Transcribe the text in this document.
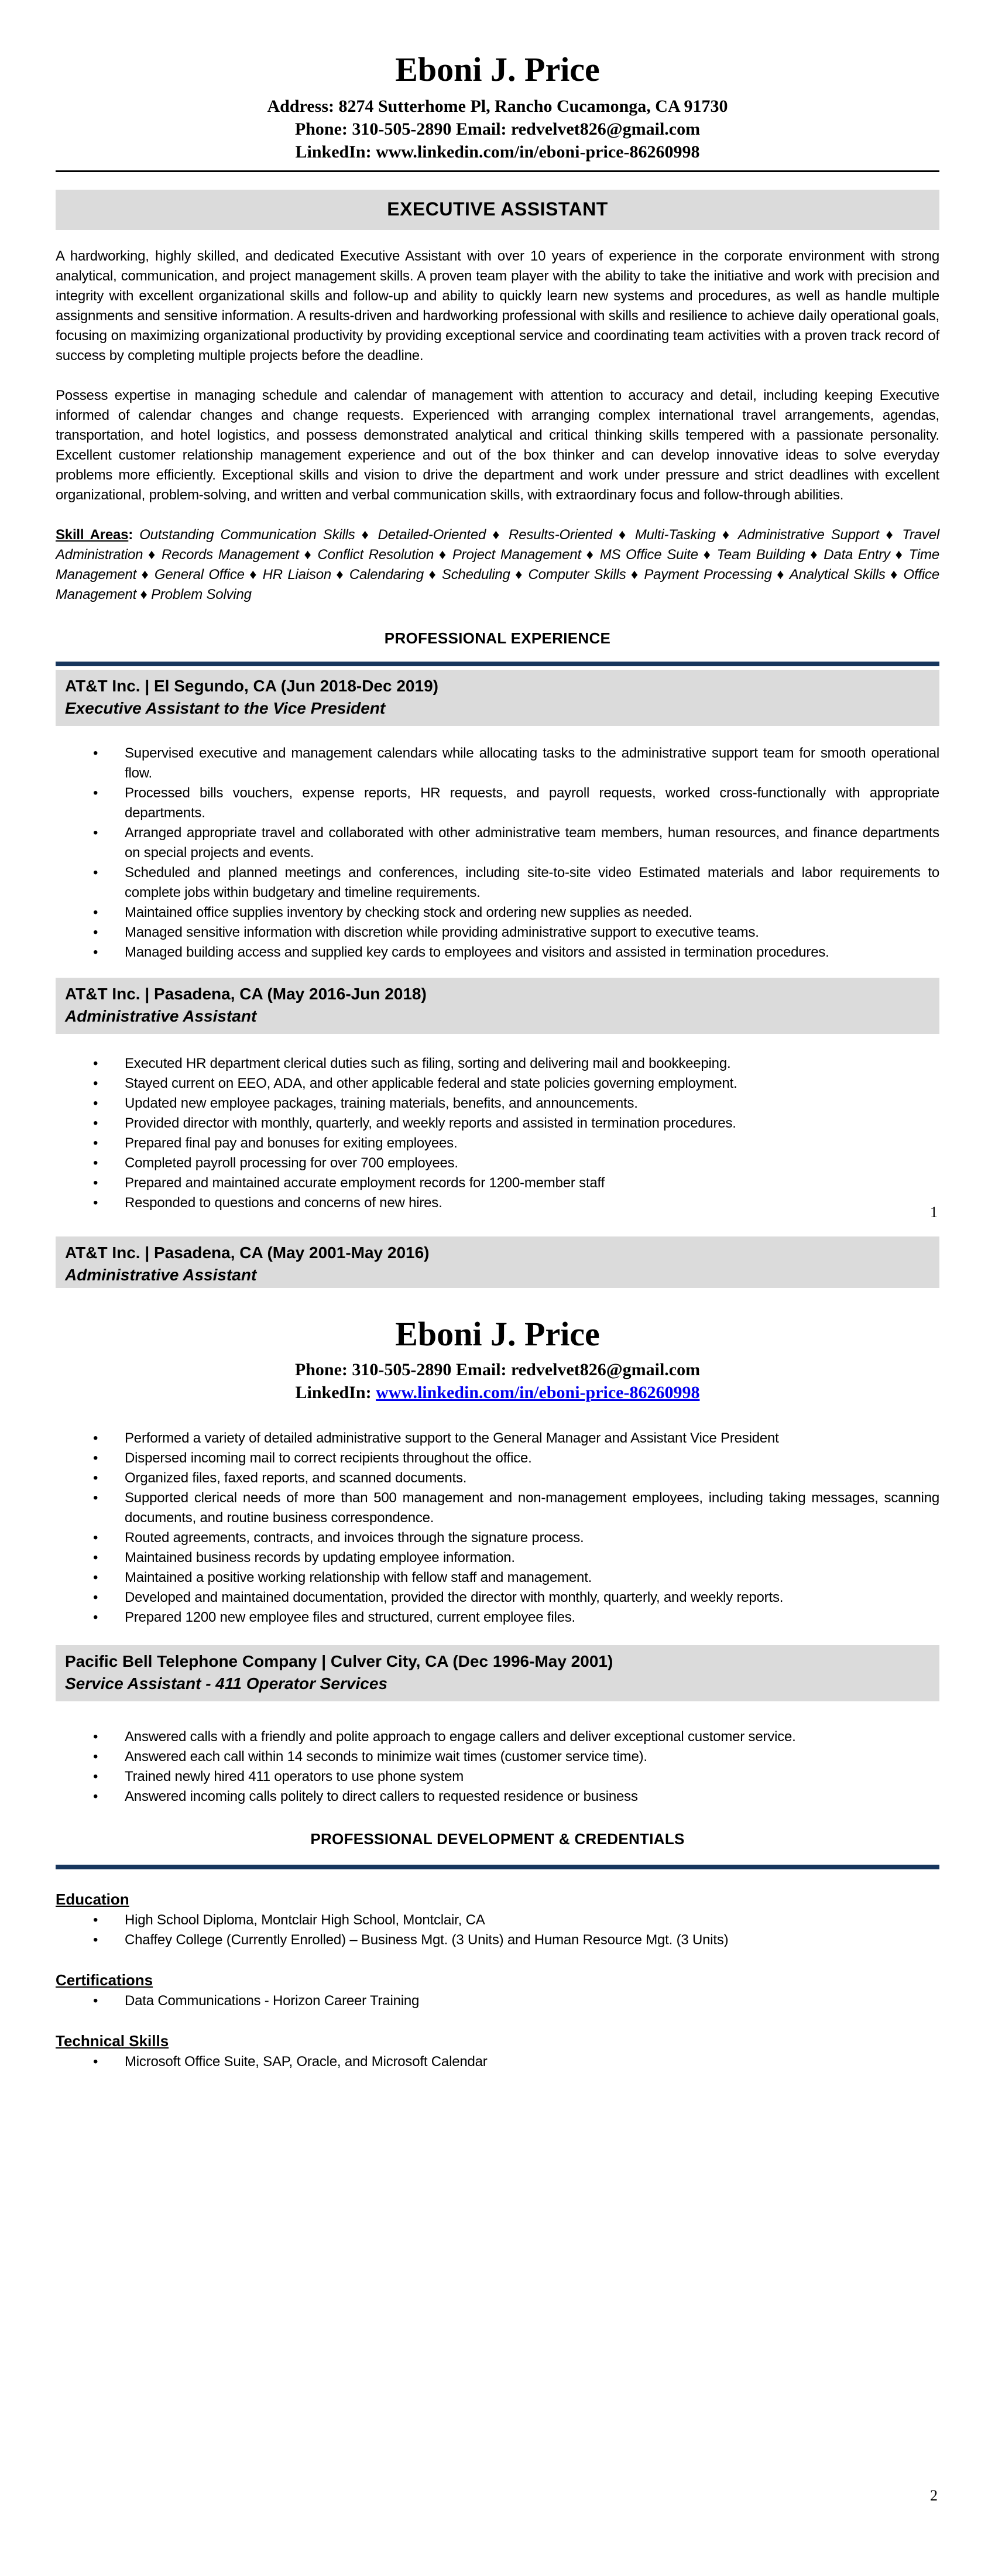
Eboni J. Price
Address: 8274 Sutterhome Pl, Rancho Cucamonga, CA 91730
Phone: 310-505-2890 Email: redvelvet826@gmail.com
LinkedIn: www.linkedin.com/in/eboni-price-86260998
EXECUTIVE ASSISTANT

A hardworking, highly skilled, and dedicated Executive Assistant with over 10 years of experience in the corporate environment with strong analytical, communication, and project management skills. A proven team player with the ability to take the initiative and work with precision and integrity with excellent organizational skills and follow-up and ability to quickly learn new systems and procedures, as well as handle multiple assignments and sensitive information. A results-driven and hardworking professional with skills and resilience to achieve daily operational goals, focusing on maximizing organizational productivity by providing exceptional service and coordinating team activities with a proven track record of success by completing multiple projects before the deadline.

Possess expertise in managing schedule and calendar of management with attention to accuracy and detail, including keeping Executive informed of calendar changes and change requests. Experienced with arranging complex international travel arrangements, agendas, transportation, and hotel logistics, and possess demonstrated analytical and critical thinking skills tempered with a passionate personality. Excellent customer relationship management experience and out of the box thinker and can develop innovative ideas to solve everyday problems more efficiently. Exceptional skills and vision to drive the department and work under pressure and strict deadlines with excellent organizational, problem-solving, and written and verbal communication skills, with extraordinary focus and follow-through abilities.

Skill Areas: Outstanding Communication Skills ♦ Detailed-Oriented ♦ Results-Oriented ♦ Multi-Tasking ♦ Administrative Support ♦ Travel Administration ♦ Records Management ♦ Conflict Resolution ♦ Project Management ♦ MS Office Suite ♦ Team Building ♦ Data Entry ♦ Time Management ♦ General Office ♦ HR Liaison ♦ Calendaring ♦ Scheduling ♦ Computer Skills ♦ Payment Processing ♦ Analytical Skills ♦ Office Management ♦ Problem Solving

PROFESSIONAL EXPERIENCE
AT&T Inc. | El Segundo, CA (Jun 2018-Dec 2019)
Executive Assistant to the Vice President
• Supervised executive and management calendars while allocating tasks to the administrative support team for smooth operational flow.
• Processed bills vouchers, expense reports, HR requests, and payroll requests, worked cross-functionally with appropriate departments.
• Arranged appropriate travel and collaborated with other administrative team members, human resources, and finance departments on special projects and events.
• Scheduled and planned meetings and conferences, including site-to-site video Estimated materials and labor requirements to complete jobs within budgetary and timeline requirements.
• Maintained office supplies inventory by checking stock and ordering new supplies as needed.
• Managed sensitive information with discretion while providing administrative support to executive teams.
• Managed building access and supplied key cards to employees and visitors and assisted in termination procedures.
AT&T Inc. | Pasadena, CA (May 2016-Jun 2018)
Administrative Assistant
• Executed HR department clerical duties such as filing, sorting and delivering mail and bookkeeping.
• Stayed current on EEO, ADA, and other applicable federal and state policies governing employment.
• Updated new employee packages, training materials, benefits, and announcements.
• Provided director with monthly, quarterly, and weekly reports and assisted in termination procedures.
• Prepared final pay and bonuses for exiting employees.
• Completed payroll processing for over 700 employees.
• Prepared and maintained accurate employment records for 1200-member staff
• Responded to questions and concerns of new hires.
AT&T Inc. | Pasadena, CA (May 2001-May 2016)
Administrative Assistant
1
Eboni J. Price
Phone: 310-505-2890 Email: redvelvet826@gmail.com
LinkedIn: www.linkedin.com/in/eboni-price-86260998
• Performed a variety of detailed administrative support to the General Manager and Assistant Vice President
• Dispersed incoming mail to correct recipients throughout the office.
• Organized files, faxed reports, and scanned documents.
• Supported clerical needs of more than 500 management and non-management employees, including taking messages, scanning documents, and routine business correspondence.
• Routed agreements, contracts, and invoices through the signature process.
• Maintained business records by updating employee information.
• Maintained a positive working relationship with fellow staff and management.
• Developed and maintained documentation, provided the director with monthly, quarterly, and weekly reports.
• Prepared 1200 new employee files and structured, current employee files.
Pacific Bell Telephone Company | Culver City, CA (Dec 1996-May 2001)
Service Assistant - 411 Operator Services
• Answered calls with a friendly and polite approach to engage callers and deliver exceptional customer service.
• Answered each call within 14 seconds to minimize wait times (customer service time).
• Trained newly hired 411 operators to use phone system
• Answered incoming calls politely to direct callers to requested residence or business
PROFESSIONAL DEVELOPMENT & CREDENTIALS
Education
• High School Diploma, Montclair High School, Montclair, CA
• Chaffey College (Currently Enrolled) – Business Mgt. (3 Units) and Human Resource Mgt. (3 Units)
Certifications
• Data Communications - Horizon Career Training
Technical Skills
• Microsoft Office Suite, SAP, Oracle, and Microsoft Calendar
2
